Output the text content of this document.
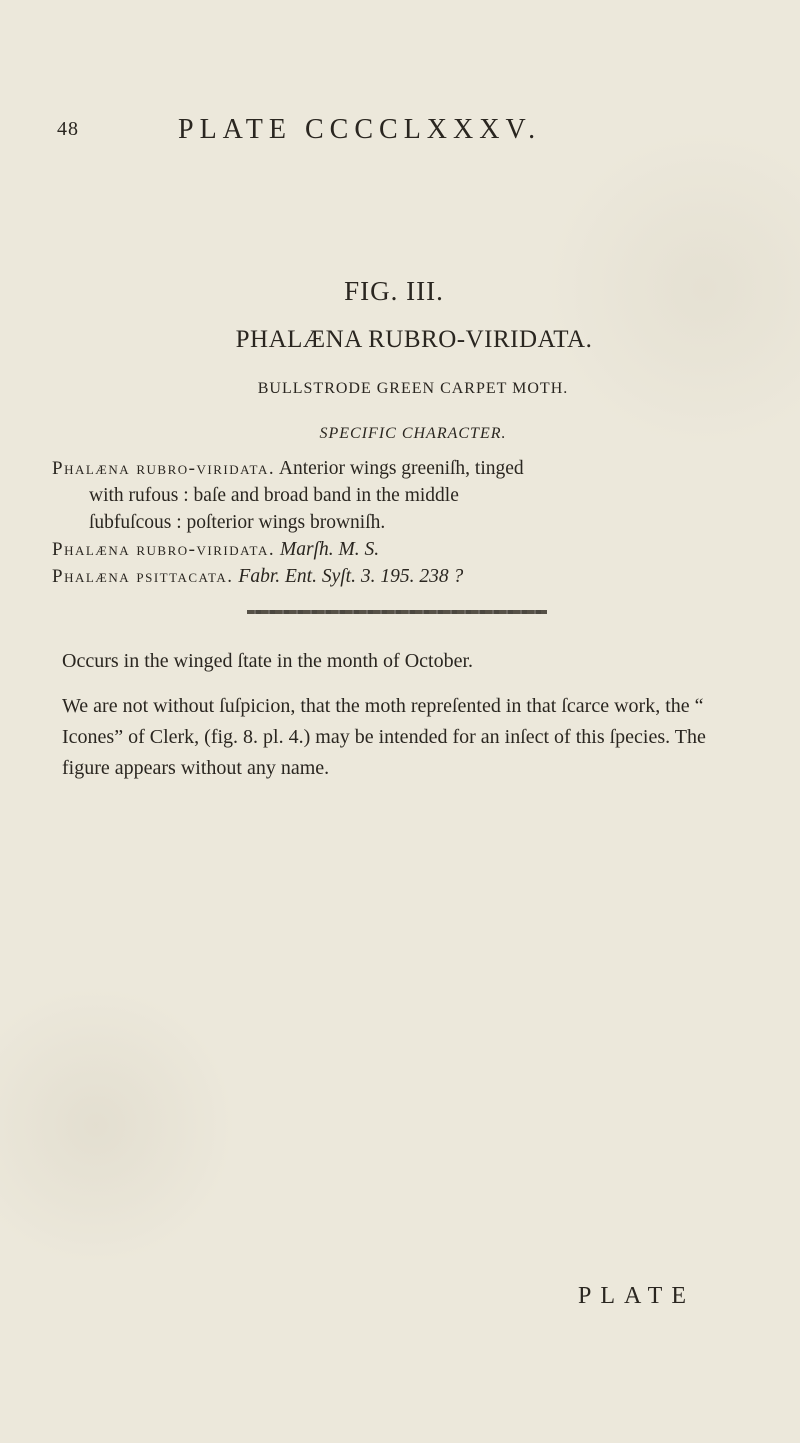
48	PLATE CCCCLXXXV.
FIG. III.
PHALÆNA RUBRO-VIRIDATA.
BULLSTRODE GREEN CARPET MOTH.
SPECIFIC CHARACTER.
Phalæna rubro-viridata. Anterior wings greeniſh, tinged
with rufous : baſe and broad band in the middle
ſubfuſcous : poſterior wings browniſh.
Phalæna rubro-viridata. Marſh. M. S.
Phalæna psittacata. Fabr. Ent. Syſt. 3. 195. 238 ?
Occurs in the winged ſtate in the month of October.
We are not without ſuſpicion, that the moth repreſented in that ſcarce work, the “ Icones” of Clerk, (fig. 8. pl. 4.) may be intended for an inſect of this ſpecies. The figure appears without any name.
PLATE
